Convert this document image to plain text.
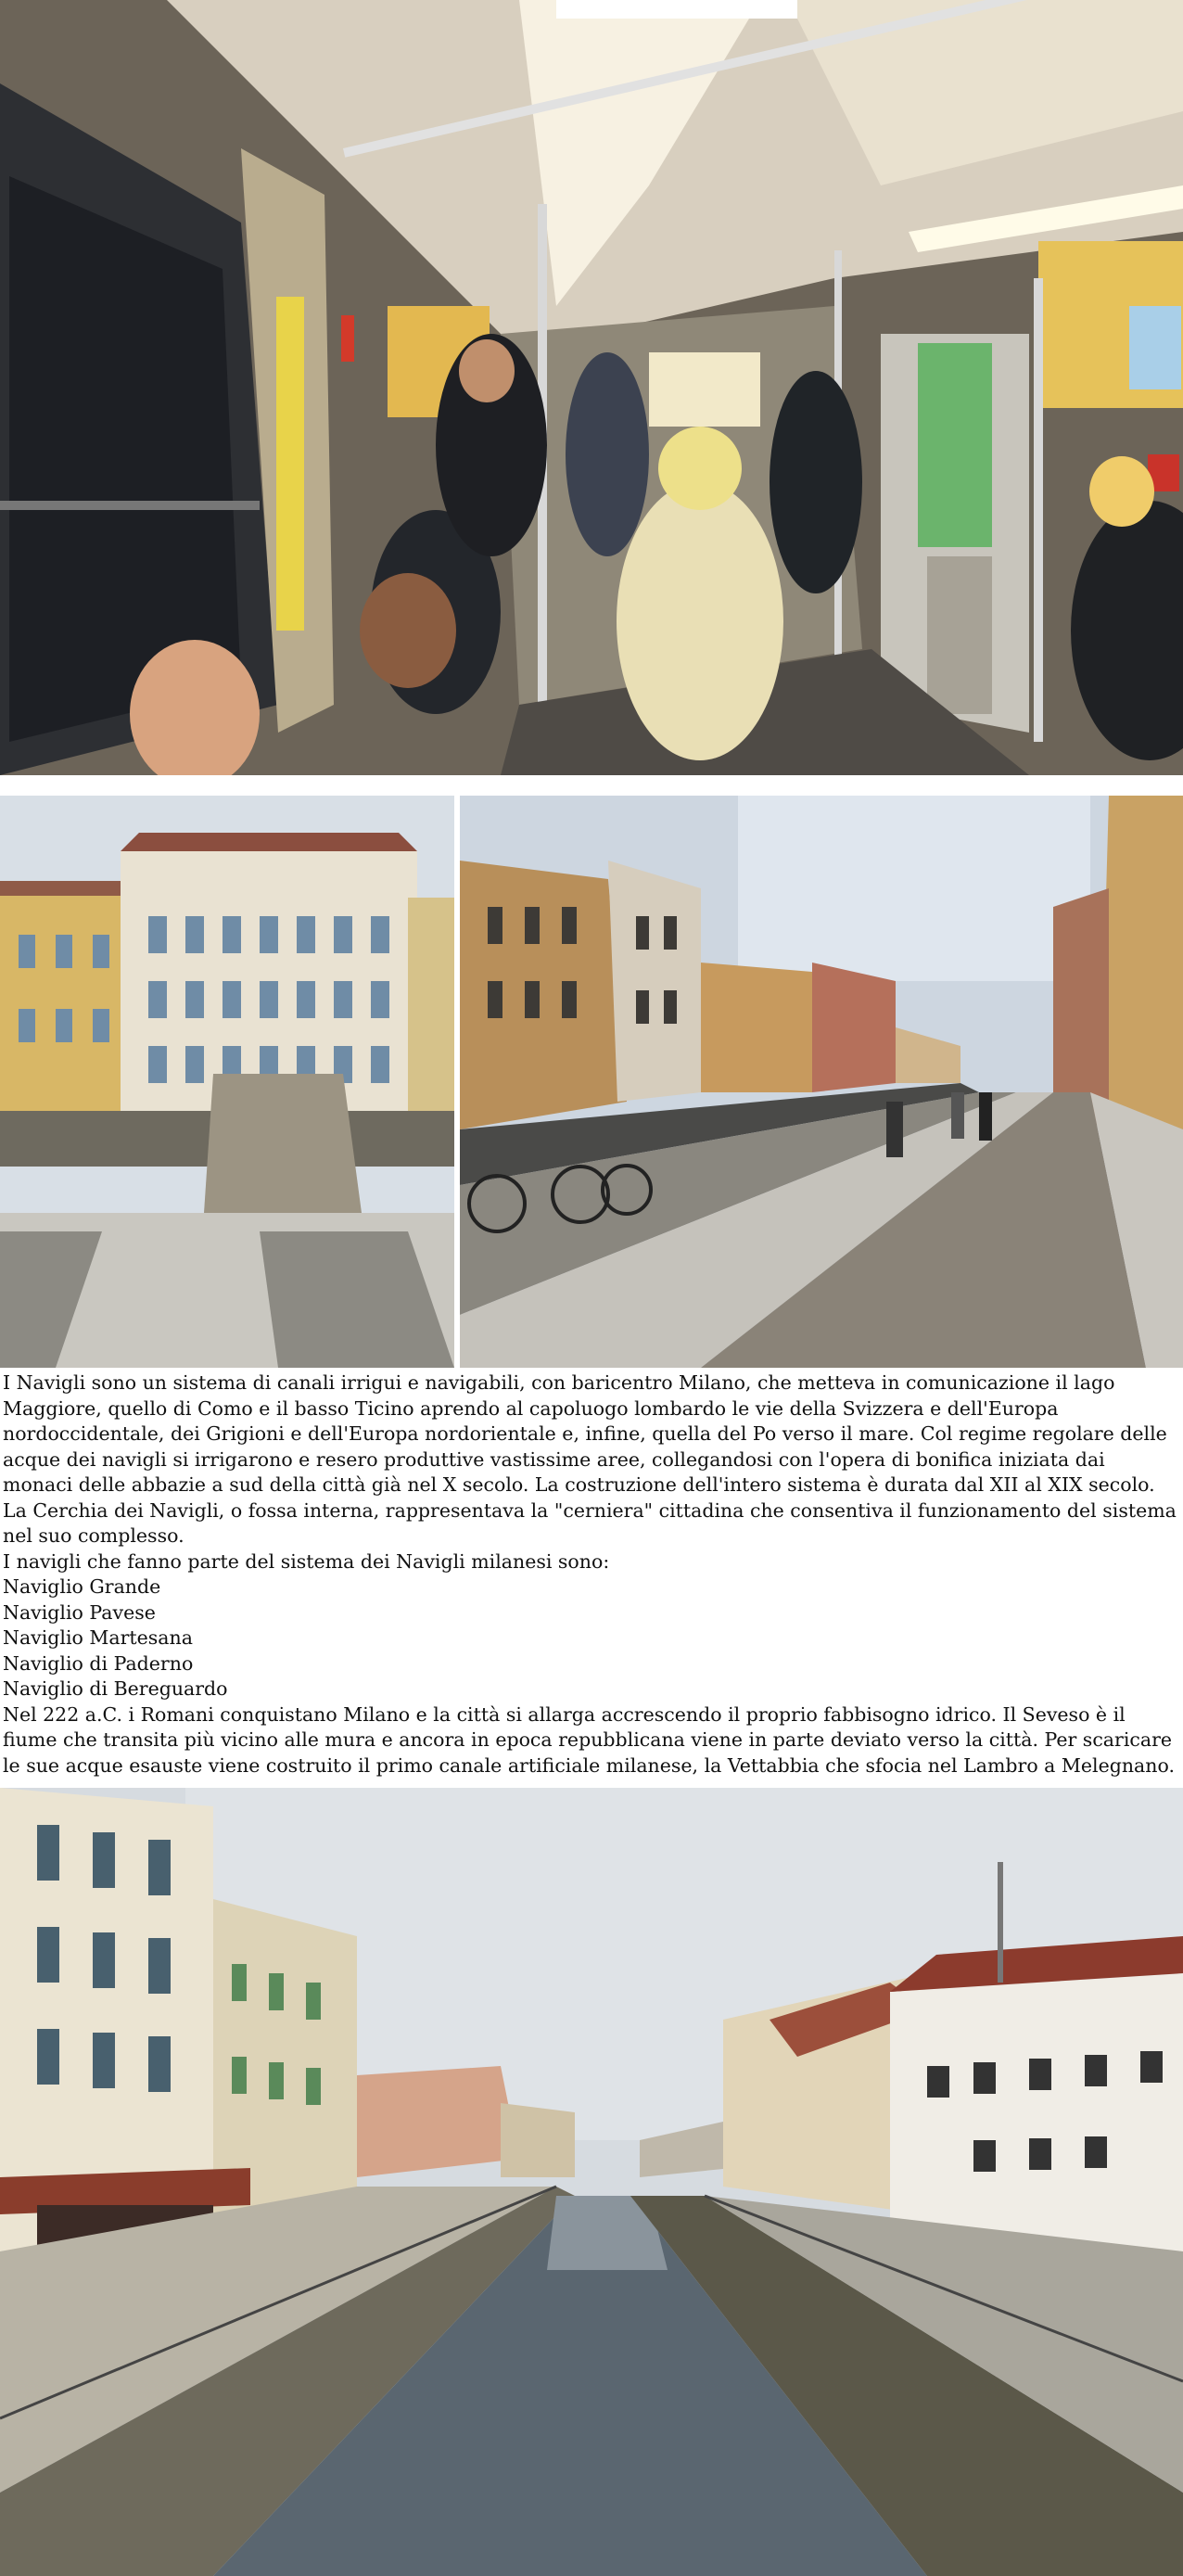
I Navigli sono un sistema di canali irrigui e navigabili, con baricentro Milano, che metteva in comunicazione il lago Maggiore, quello di Como e il basso Ticino aprendo al capoluogo lombardo le vie della Svizzera e dell'Europa nordoccidentale, dei Grigioni e dell'Europa nordorientale e, infine, quella del Po verso il mare. Col regime regolare delle acque dei navigli si irrigarono e resero produttive vastissime aree, collegandosi con l'opera di bonifica iniziata dai monaci delle abbazie a sud della città già nel X secolo. La costruzione dell'intero sistema è durata dal XII al XIX secolo. La Cerchia dei Navigli, o fossa interna, rappresentava la "cerniera" cittadina che consentiva il funzionamento del sistema nel suo complesso.

I navigli che fanno parte del sistema dei Navigli milanesi sono:

Naviglio Grande
Naviglio Pavese
Naviglio Martesana
Naviglio di Paderno
Naviglio di Bereguardo

Nel 222 a.C. i Romani conquistano Milano e la città si allarga accrescendo il proprio fabbisogno idrico. Il Seveso è il fiume che transita più vicino alle mura e ancora in epoca repubblicana viene in parte deviato verso la città. Per scaricare le sue acque esauste viene costruito il primo canale artificiale milanese, la Vettabbia che sfocia nel Lambro a Melegnano.
